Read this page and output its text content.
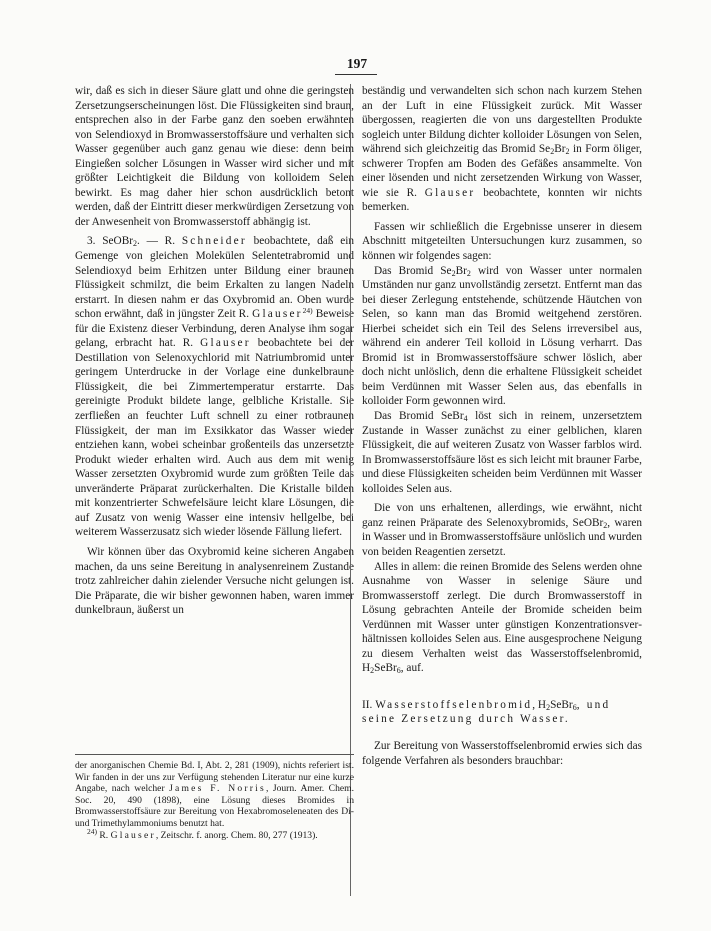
197

wir, daß es sich in dieser Säure glatt und ohne die geringsten Zersetzungserscheinungen löst. Die Flüssigkeiten sind braun, entsprechen also in der Farbe ganz den soeben erwähnten von Selendioxyd in Bromwasserstoffsäure und verhalten sich Wasser gegenüber auch ganz genau wie diese: denn beim Eingießen solcher Lösungen in Wasser wird sicher und mit größter Leichtigkeit die Bildung von kolloidem Selen bewirkt. Es mag daher hier schon ausdrücklich betont werden, daß der Eintritt dieser merkwürdigen Zersetzung von der Anwesenheit von Bromwasserstoff abhängig ist.

3. SeOBr$_2$. — R. Schneider beobachtete, daß ein Gemenge von gleichen Molekülen Selentetrabromid und Selendioxyd beim Erhitzen unter Bildung einer braunen Flüssigkeit schmilzt, die beim Erkalten zu langen Nadeln erstarrt. In diesen nahm er das Oxybromid an. Oben wurde schon erwähnt, daß in jüngster Zeit R. Glauser$^{24)}$ Beweise für die Existenz dieser Verbindung, deren Analyse ihm sogar gelang, erbracht hat. R. Glauser beobachtete bei der Destillation von Selenoxychlorid mit Natriumbromid unter geringem Unterdrucke in der Vorlage eine dunkelbraune Flüssigkeit, die bei Zimmertemperatur erstarrte. Das gereinigte Produkt bildete lange, gelbliche Kristalle. Sie zerfließen an feuchter Luft schnell zu einer rotbraunen Flüssigkeit, der man im Exsikkator das Wasser wieder entziehen kann, wobei scheinbar großenteils das unzersetzte Produkt wieder erhalten wird. Auch aus dem mit wenig Wasser zersetzten Oxybromid wurde zum größten Teile das unveränderte Präparat zurückerhalten. Die Kristalle bilden mit konzentrierter Schwefelsäure leicht klare Lösungen, die auf Zusatz von wenig Wasser eine intensiv hellgelbe, bei weiterem Wasserzusatz sich wieder lösende Fällung liefert.

Wir können über das Oxybromid keine sicheren Angaben machen, da uns seine Bereitung in analysenreinem Zustande trotz zahlreicher dahin zielender Versuche nicht gelungen ist. Die Präparate, die wir bisher gewonnen haben, waren immer dunkelbraun, äußerst un

der anorganischen Chemie Bd. I, Abt. 2, 281 (1909), nichts referiert ist. Wir fanden in der uns zur Verfügung stehenden Literatur nur eine kurze Angabe, nach welcher James F. Norris, Journ. Amer. Chem. Soc. 20, 490 (1898), eine Lösung dieses Bromides in Bromwasserstoffsäure zur Bereitung von Hexabromoseleneaten des Di- und Trimethylammoniums benutzt hat.

$^{24)}$ R. Glauser, Zeitschr. f. anorg. Chem. 80, 277 (1913).

beständig und verwandelten sich schon nach kurzem Stehen an der Luft in eine Flüssigkeit zurück. Mit Wasser übergossen, reagierten die von uns dargestellten Produkte sogleich unter Bildung dichter kolloider Lösungen von Selen, während sich gleichzeitig das Bromid $Se_2Br_2$ in Form öliger, schwerer Tropfen am Boden des Gefäßes ansammelte. Von einer lösenden und nicht zersetzenden Wirkung von Wasser, wie sie R. Glauser beobachtete, konnten wir nichts bemerken.

Fassen wir schließlich die Ergebnisse unserer in diesem Abschnitt mitgeteilten Untersuchungen kurz zusammen, so können wir folgendes sagen:

Das Bromid $Se_2Br_2$ wird von Wasser unter normalen Umständen nur ganz unvollständig zersetzt. Entfernt man das bei dieser Zerlegung entstehende, schützende Häutchen von Selen, so kann man das Bromid weitgehend zerstören. Hierbei scheidet sich ein Teil des Selens irreversibel aus, während ein anderer Teil kolloid in Lösung verharrt. Das Bromid ist in Bromwasserstoffsäure schwer löslich, aber doch nicht unlöslich, denn die erhaltene Flüssigkeit scheidet beim Verdünnen mit Wasser Selen aus, das ebenfalls in kolloider Form gewonnen wird.

Das Bromid SeBr$_4$ löst sich in reinem, unzersetztem Zustande in Wasser zunächst zu einer gelblichen, klaren Flüssigkeit, die auf weiteren Zusatz von Wasser farblos wird. In Bromwasserstoffsäure löst es sich leicht mit brauner Farbe, und diese Flüssigkeiten scheiden beim Verdünnen mit Wasser kolloides Selen aus.

Die von uns erhaltenen, allerdings, wie erwähnt, nicht ganz reinen Präparate des Selenoxybromids, SeOBr$_2$, waren in Wasser und in Bromwasserstoffsäure unlöslich und wurden von beiden Reagentien zersetzt.

Alles in allem: die reinen Bromide des Selens werden ohne Ausnahme von Wasser in selenige Säure und Bromwasserstoff zerlegt. Die durch Bromwasserstoff in Lösung gebrachten Anteile der Bromide scheiden beim Verdünnen mit Wasser unter günstigen Konzentrationsverhältnissen kolloides Selen aus. Eine ausgesprochene Neigung zu diesem Verhalten weist das Wasserstoffselenbromid, $H_2SeBr_6$, auf.

II. Wasserstoffselenbromid, $H_2SeBr_6$, und seine Zersetzung durch Wasser.

Zur Bereitung von Wasserstoffselenbromid erwies sich das folgende Verfahren als besonders brauchbar:
